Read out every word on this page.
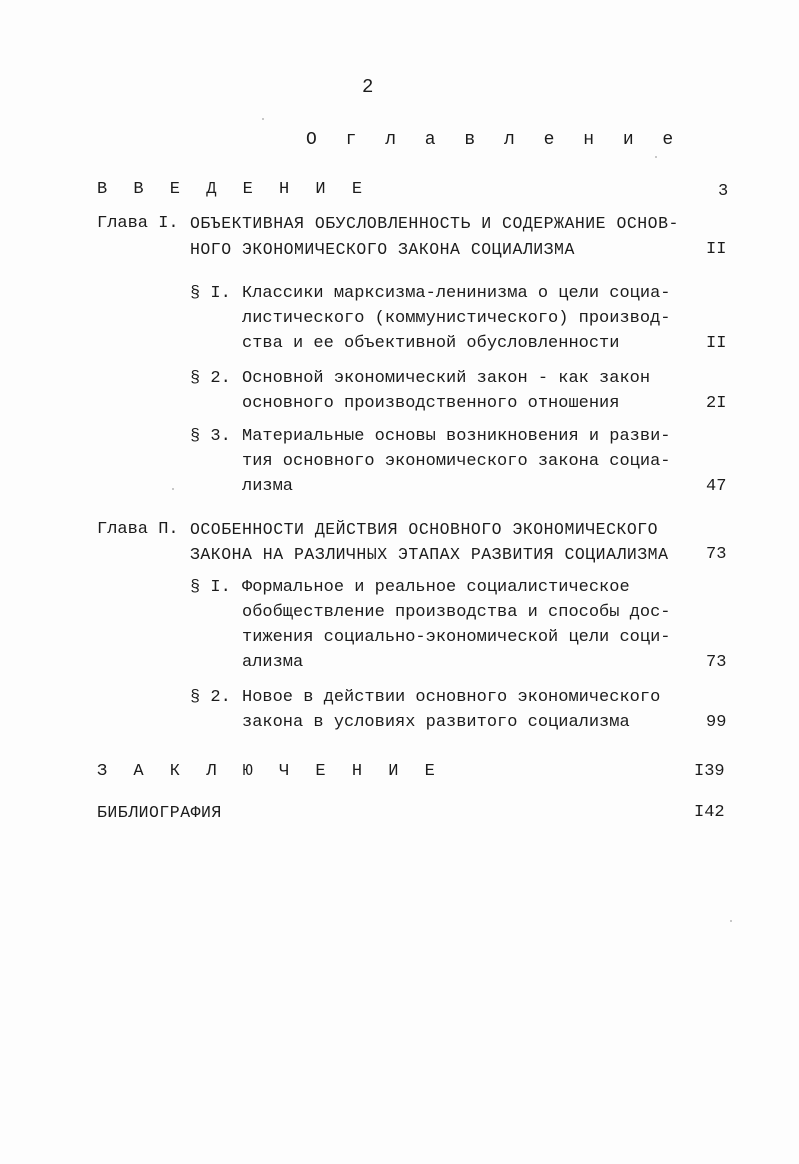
2
О г л а в л е н и е
В В Е Д Е Н И Е	3
Глава I. ОБЪЕКТИВНАЯ ОБУСЛОВЛЕННОСТЬ И СОДЕРЖАНИЕ ОСНОВ-
НОГО ЭКОНОМИЧЕСКОГО ЗАКОНА СОЦИАЛИЗМА	II
§ I. Классики марксизма-ленинизма о цели социа-
листического (коммунистического) производ-
ства и ее объективной обусловленности	II
§ 2. Основной экономический закон - как закон
основного производственного отношения	2I
§ 3. Материальные основы возникновения и разви-
тия основного экономического закона социа-
лизма	47
Глава П. ОСОБЕННОСТИ ДЕЙСТВИЯ ОСНОВНОГО ЭКОНОМИЧЕСКОГО
ЗАКОНА НА РАЗЛИЧНЫХ ЭТАПАХ РАЗВИТИЯ СОЦИАЛИЗМА 73
§ I. Формальное и реальное социалистическое
обобществление производства и способы дос-
тижения социально-экономической цели соци-
ализма	73
§ 2. Новое в действии основного экономического
закона в условиях развитого социализма	99
З А К Л Ю Ч Е Н И Е	I39
БИБЛИОГРАФИЯ	I42
